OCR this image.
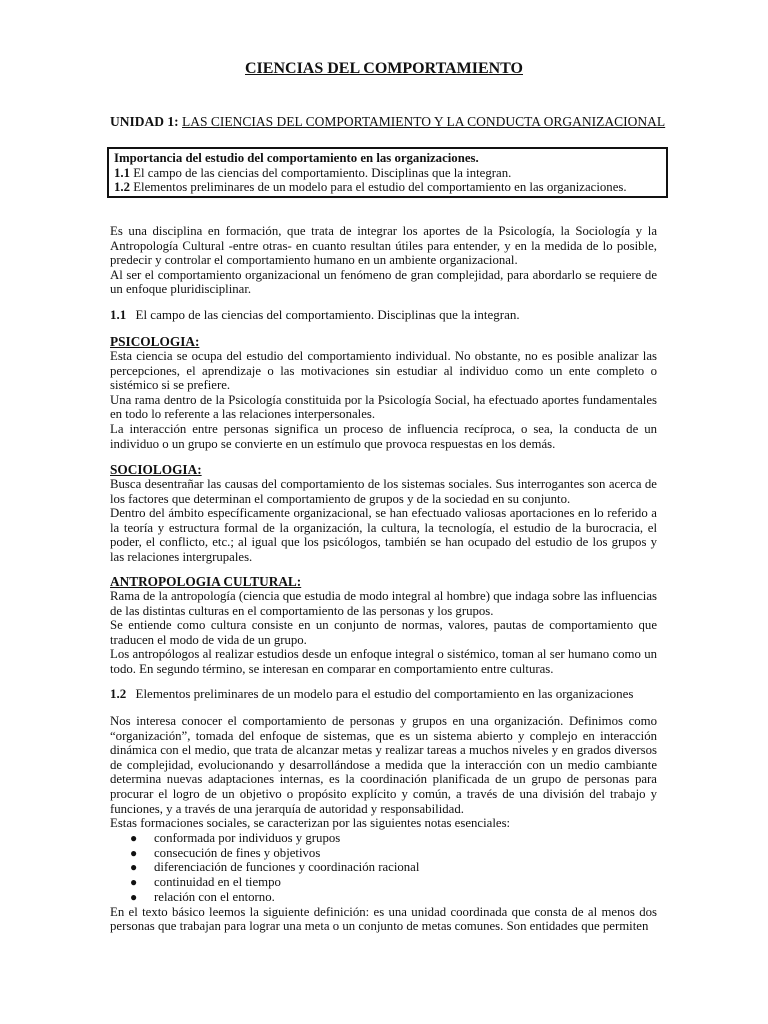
CIENCIAS DEL COMPORTAMIENTO
UNIDAD 1: LAS CIENCIAS DEL COMPORTAMIENTO Y LA CONDUCTA ORGANIZACIONAL
Importancia del estudio del comportamiento en las organizaciones.
1.1 El campo de las ciencias del comportamiento. Disciplinas que la integran.
1.2 Elementos preliminares de un modelo para el estudio del comportamiento en las organizaciones.

Es una disciplina en formación, que trata de integrar los aportes de la Psicología, la Sociología y la Antropología Cultural -entre otras- en cuanto resultan útiles para entender, y en la medida de lo posible, predecir y controlar el comportamiento humano en un ambiente organizacional.

Al ser el comportamiento organizacional un fenómeno de gran complejidad, para abordarlo se requiere de un enfoque pluridisciplinar.

1.1 El campo de las ciencias del comportamiento. Disciplinas que la integran.
PSICOLOGIA:

Esta ciencia se ocupa del estudio del comportamiento individual. No obstante, no es posible analizar las percepciones, el aprendizaje o las motivaciones sin estudiar al individuo como un ente completo o sistémico si se prefiere.

Una rama dentro de la Psicología constituida por la Psicología Social, ha efectuado aportes fundamentales en todo lo referente a las relaciones interpersonales.

La interacción entre personas significa un proceso de influencia recíproca, o sea, la conducta de un individuo o un grupo se convierte en un estímulo que provoca respuestas en los demás.

SOCIOLOGIA:

Busca desentrañar las causas del comportamiento de los sistemas sociales. Sus interrogantes son acerca de los factores que determinan el comportamiento de grupos y de la sociedad en su conjunto.

Dentro del ámbito específicamente organizacional, se han efectuado valiosas aportaciones en lo referido a la teoría y estructura formal de la organización, la cultura, la tecnología, el estudio de la burocracia, el poder, el conflicto, etc.; al igual que los psicólogos, también se han ocupado del estudio de los grupos y las relaciones intergrupales.

ANTROPOLOGIA CULTURAL:

Rama de la antropología (ciencia que estudia de modo integral al hombre) que indaga sobre las influencias de las distintas culturas en el comportamiento de las personas y los grupos.

Se entiende como cultura consiste en un conjunto de normas, valores, pautas de comportamiento que traducen el modo de vida de un grupo.

Los antropólogos al realizar estudios desde un enfoque integral o sistémico, toman al ser humano como un todo. En segundo término, se interesan en comparar en comportamiento entre culturas.

1.2 Elementos preliminares de un modelo para el estudio del comportamiento en las organizaciones

Nos interesa conocer el comportamiento de personas y grupos en una organización. Definimos como “organización”, tomada del enfoque de sistemas, que es un sistema abierto y complejo en interacción dinámica con el medio, que trata de alcanzar metas y realizar tareas a muchos niveles y en grados diversos de complejidad, evolucionando y desarrollándose a medida que la interacción con un medio cambiante determina nuevas adaptaciones internas, es la coordinación planificada de un grupo de personas para procurar el logro de un objetivo o propósito explícito y común, a través de una división del trabajo y funciones, y a través de una jerarquía de autoridad y responsabilidad.

Estas formaciones sociales, se caracterizan por las siguientes notas esenciales:

● conformada por individuos y grupos
● consecución de fines y objetivos
● diferenciación de funciones y coordinación racional
● continuidad en el tiempo
● relación con el entorno.

En el texto básico leemos la siguiente definición: es una unidad coordinada que consta de al menos dos personas que trabajan para lograr una meta o un conjunto de metas comunes. Son entidades que permiten
